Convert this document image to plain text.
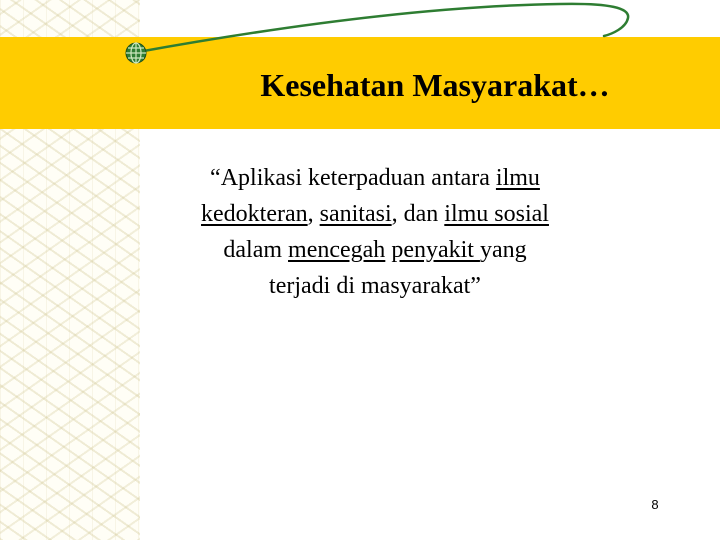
Kesehatan Masyarakat…
“Aplikasi keterpaduan antara ilmu
kedokteran, sanitasi, dan ilmu sosial
dalam mencegah penyakit yang
terjadi di masyarakat”
8
